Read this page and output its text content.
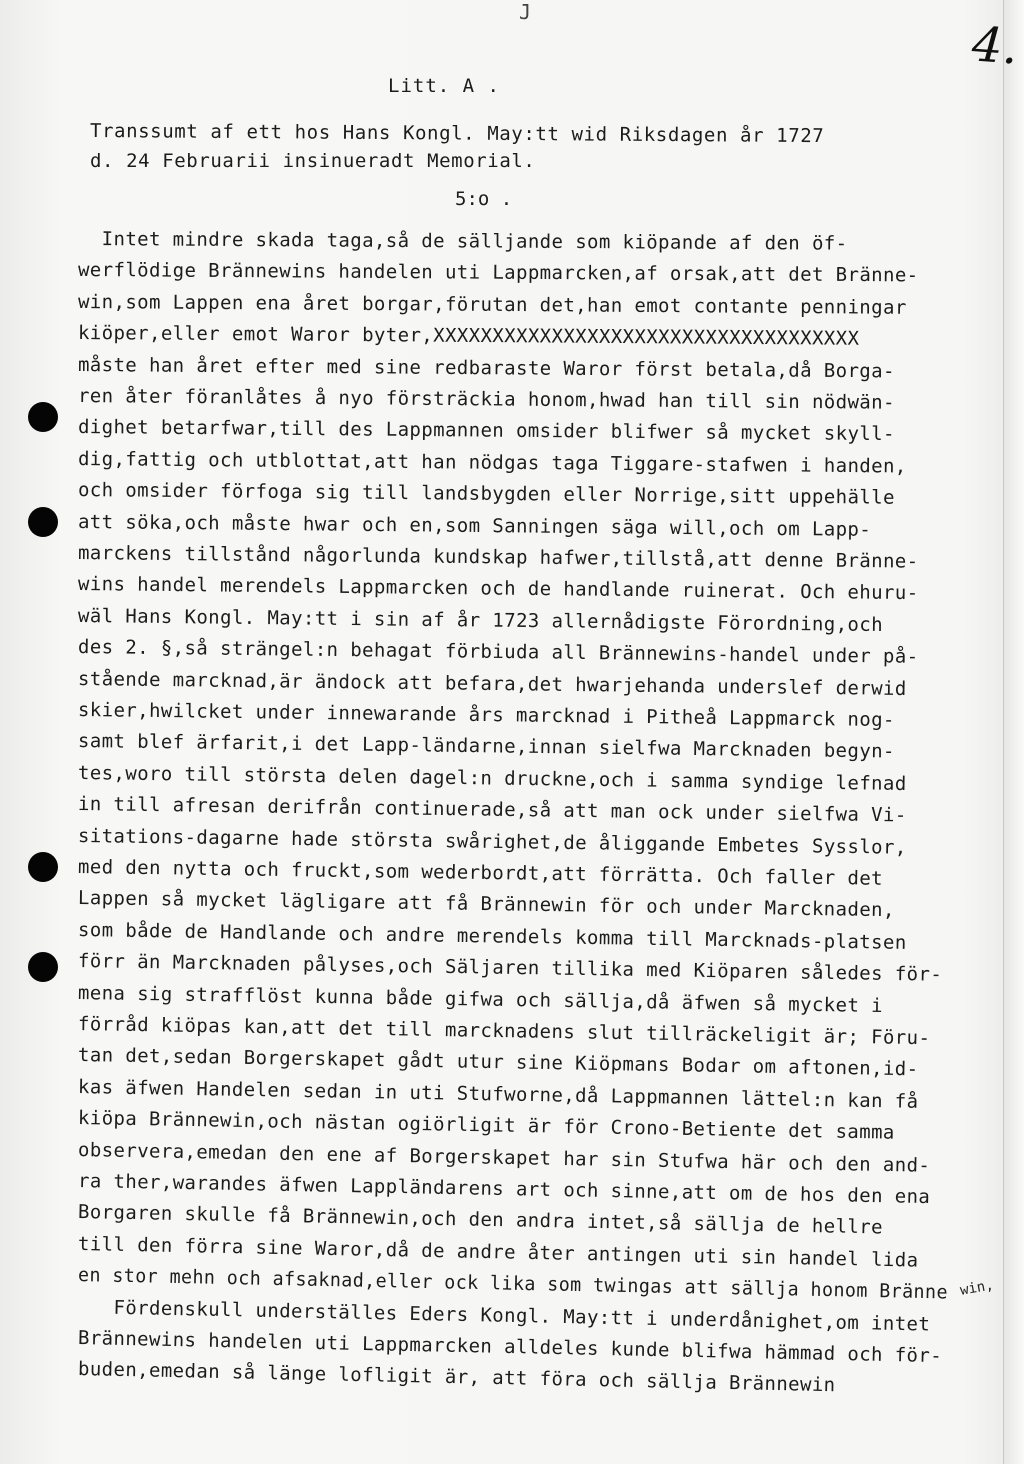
J
4.
Litt. A .
Transsumt af ett hos Hans Kongl. May:tt wid Riksdagen år 1727
d. 24 Februarii insinueradt Memorial.
5:o .
Intet mindre skada taga,så de sälljande som kiöpande af den öf-
werflödige Brännewins handelen uti Lappmarcken,af orsak,att det Bränne-
win,som Lappen ena året borgar,förutan det,han emot contante penningar
kiöper,eller emot Waror byter,XXXXXXXXXXXXXXXXXXXXXXXXXXXXXXXXXXXX
måste han året efter med sine redbaraste Waror först betala,då Borga-
ren åter föranlåtes å nyo försträckia honom,hwad han till sin nödwän-
dighet betarfwar,till des Lappmannen omsider blifwer så mycket skyll-
dig,fattig och utblottat,att han nödgas taga Tiggare-stafwen i handen,
och omsider förfoga sig till landsbygden eller Norrige,sitt uppehälle
att söka,och måste hwar och en,som Sanningen säga will,och om Lapp-
marckens tillstånd någorlunda kundskap hafwer,tillstå,att denne Bränne-
wins handel merendels Lappmarcken och de handlande ruinerat. Och ehuru-
wäl Hans Kongl. May:tt i sin af år 1723 allernådigste Förordning,och
des 2. §,så strängel:n behagat förbiuda all Brännewins-handel under på-
stående marcknad,är ändock att befara,det hwarjehanda underslef derwid
skier,hwilcket under innewarande års marcknad i Pitheå Lappmarck nog-
samt blef ärfarit,i det Lapp-ländarne,innan sielfwa Marcknaden begyn-
tes,woro till största delen dagel:n druckne,och i samma syndige lefnad
in till afresan derifrån continuerade,så att man ock under sielfwa Vi-
sitations-dagarne hade största swårighet,de åliggande Embetes Sysslor,
med den nytta och fruckt,som wederbordt,att förrätta. Och faller det
Lappen så mycket lägligare att få Brännewin för och under Marcknaden,
som både de Handlande och andre merendels komma till Marcknads-platsen
förr än Marcknaden pålyses,och Säljaren tillika med Kiöparen således för-
mena sig strafflöst kunna både gifwa och sällja,då äfwen så mycket i
förråd kiöpas kan,att det till marcknadens slut tillräckeligit är; Föru-
tan det,sedan Borgerskapet gådt utur sine Kiöpmans Bodar om aftonen,id-
kas äfwen Handelen sedan in uti Stufworne,då Lappmannen lättel:n kan få
kiöpa Brännewin,och nästan ogiörligit är för Crono-Betiente det samma
observera,emedan den ene af Borgerskapet har sin Stufwa här och den and-
ra ther,warandes äfwen Lappländarens art och sinne,att om de hos den ena
Borgaren skulle få Brännewin,och den andra intet,så sällja de hellre
till den förra sine Waror,då de andre åter antingen uti sin handel lida
en stor mehn och afsaknad,eller ock lika som twingas att sällja honom Bränne
Fördenskull underställes Eders Kongl. May:tt i underdånighet,om intet
Brännewins handelen uti Lappmarcken alldeles kunde blifwa hämmad och för-
buden,emedan så länge lofligit är, att föra och sällja Brännewin
win,
